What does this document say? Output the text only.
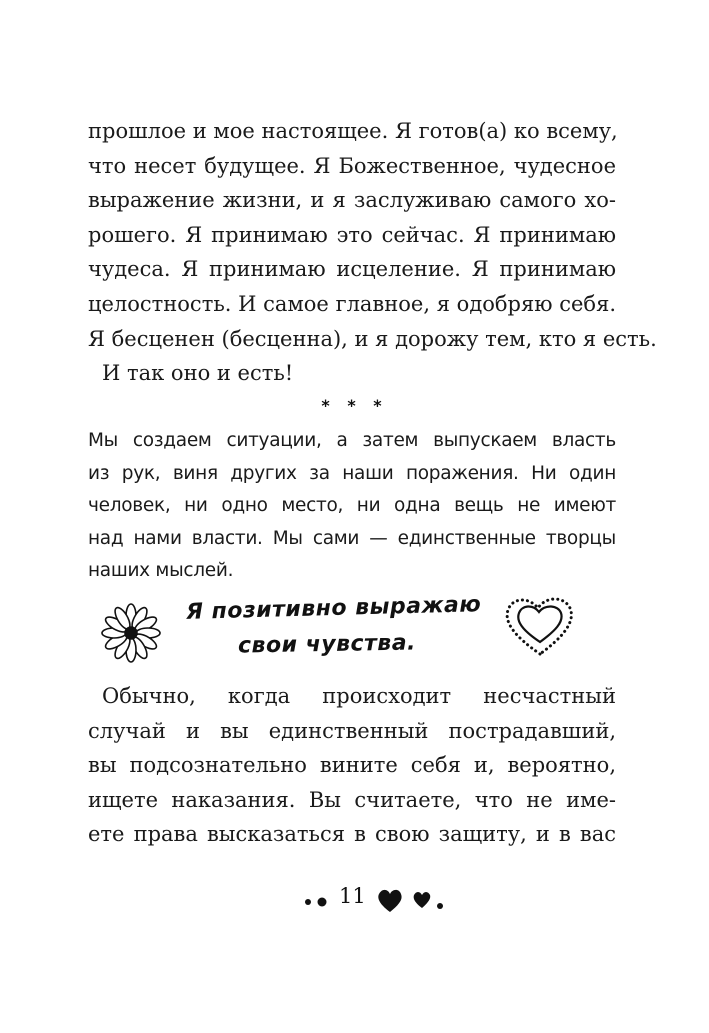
прошлое и мое настоящее. Я готов(а) ко всему,
что несет будущее. Я Божественное, чудесное
выражение жизни, и я заслуживаю самого хо-
рошего. Я принимаю это сейчас. Я принимаю
чудеса. Я принимаю исцеление. Я принимаю
целостность. И самое главное, я одобряю себя.
Я бесценен (бесценна), и я дорожу тем, кто я есть.
И так оно и есть!
* * *
Мы создаем ситуации, а затем выпускаем власть
из рук, виня других за наши поражения. Ни один
человек, ни одно место, ни одна вещь не имеют
над нами власти. Мы сами — единственные творцы
наших мыслей.
Я позитивно выражаю
свои чувства.
Обычно, когда происходит несчастный
случай и вы единственный пострадавший,
вы подсознательно вините себя и, вероятно,
ищете наказания. Вы считаете, что не име-
ете права высказаться в свою защиту, и в вас
11
